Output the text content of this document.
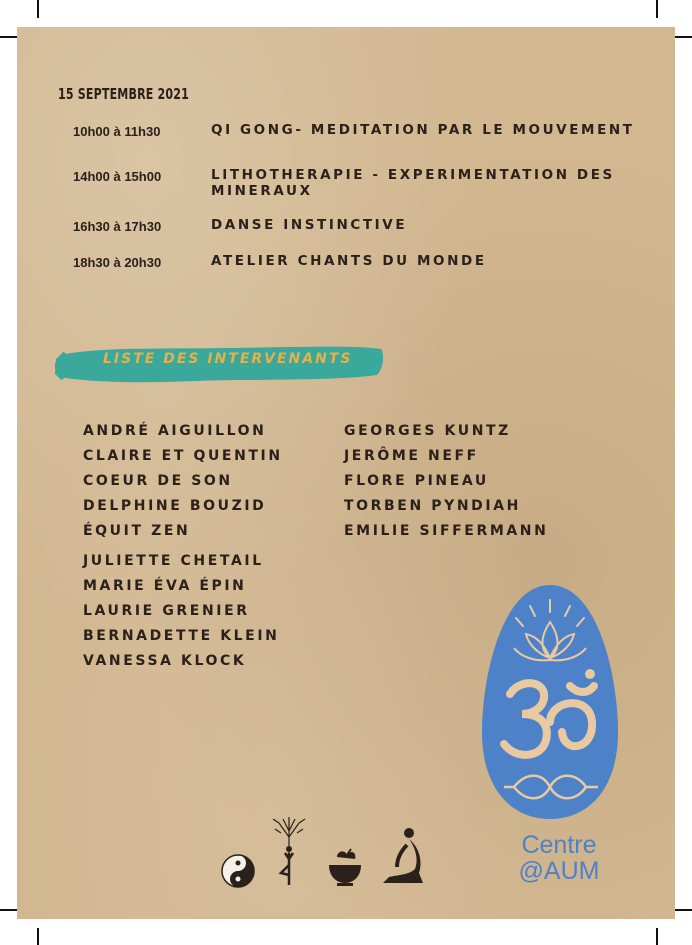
15 SEPTEMBRE 2021
10h00 à 11h30	QI GONG- MEDITATION PAR LE MOUVEMENT
14h00 à 15h00	LITHOTHERAPIE - EXPERIMENTATION DES MINERAUX
16h30 à 17h30	DANSE INSTINCTIVE
18h30 à 20h30	ATELIER CHANTS DU MONDE
LISTE DES INTERVENANTS
ANDRÉ AIGUILLON
CLAIRE ET QUENTIN
COEUR DE SON
DELPHINE BOUZID
ÉQUIT ZEN
JULIETTE CHETAIL
MARIE ÉVA ÉPIN
LAURIE GRENIER
BERNADETTE KLEIN
VANESSA KLOCK
GEORGES KUNTZ
JERÔME NEFF
FLORE PINEAU
TORBEN PYNDIAH
EMILIE SIFFERMANN
Centre
@AUM
